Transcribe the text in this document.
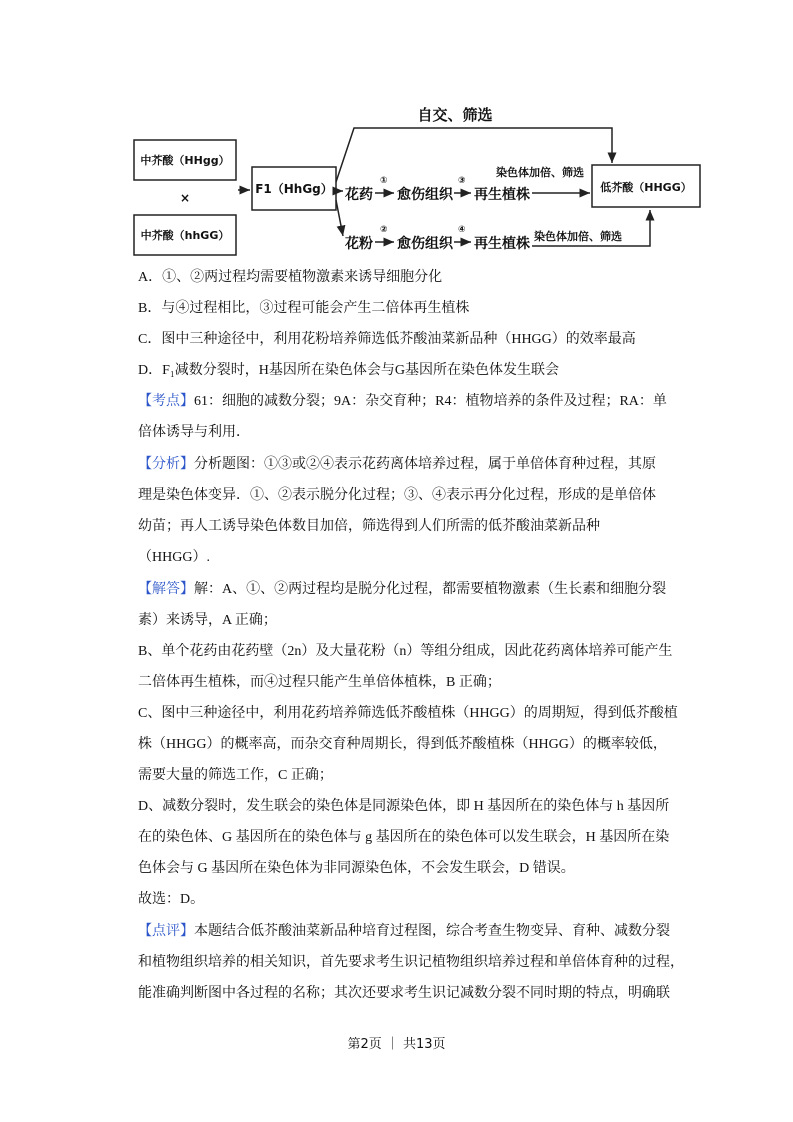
中芥酸（HHgg）
×
中芥酸（hhGG）
F1（HhGg）
自交、筛选
花药
①
愈伤组织
③
再生植株
染色体加倍、筛选
花粉
②
愈伤组织
④
再生植株 染色体加倍、筛选
低芥酸（HHGG）
A．①、②两过程均需要植物激素来诱导细胞分化
B．与④过程相比，③过程可能会产生二倍体再生植株
C．图中三种途径中，利用花粉培养筛选低芥酸油菜新品种（HHGG）的效率最高
D．F₁减数分裂时，H基因所在染色体会与G基因所在染色体发生联会
【考点】61：细胞的减数分裂；9A：杂交育种；R4：植物培养的条件及过程；RA：单
倍体诱导与利用．
【分析】分析题图：①③或②④表示花药离体培养过程，属于单倍体育种过程，其原
理是染色体变异．①、②表示脱分化过程；③、④表示再分化过程，形成的是单倍体
幼苗；再人工诱导染色体数目加倍，筛选得到人们所需的低芥酸油菜新品种
（HHGG）.
【解答】解：A、①、②两过程均是脱分化过程，都需要植物激素（生长素和细胞分裂
素）来诱导，A 正确；
B、单个花药由花药壁（2n）及大量花粉（n）等组分组成，因此花药离体培养可能产生
二倍体再生植株，而④过程只能产生单倍体植株，B 正确；
C、图中三种途径中，利用花药培养筛选低芥酸植株（HHGG）的周期短，得到低芥酸植
株（HHGG）的概率高，而杂交育种周期长，得到低芥酸植株（HHGG）的概率较低，
需要大量的筛选工作，C 正确；
D、减数分裂时，发生联会的染色体是同源染色体，即 H 基因所在的染色体与 h 基因所
在的染色体、G 基因所在的染色体与 g 基因所在的染色体可以发生联会，H 基因所在染
色体会与 G 基因所在染色体为非同源染色体，不会发生联会，D 错误。
故选：D。
【点评】本题结合低芥酸油菜新品种培育过程图，综合考查生物变异、育种、减数分裂
和植物组织培养的相关知识，首先要求考生识记植物组织培养过程和单倍体育种的过程，
能准确判断图中各过程的名称；其次还要求考生识记减数分裂不同时期的特点，明确联
第2页 ｜ 共13页
